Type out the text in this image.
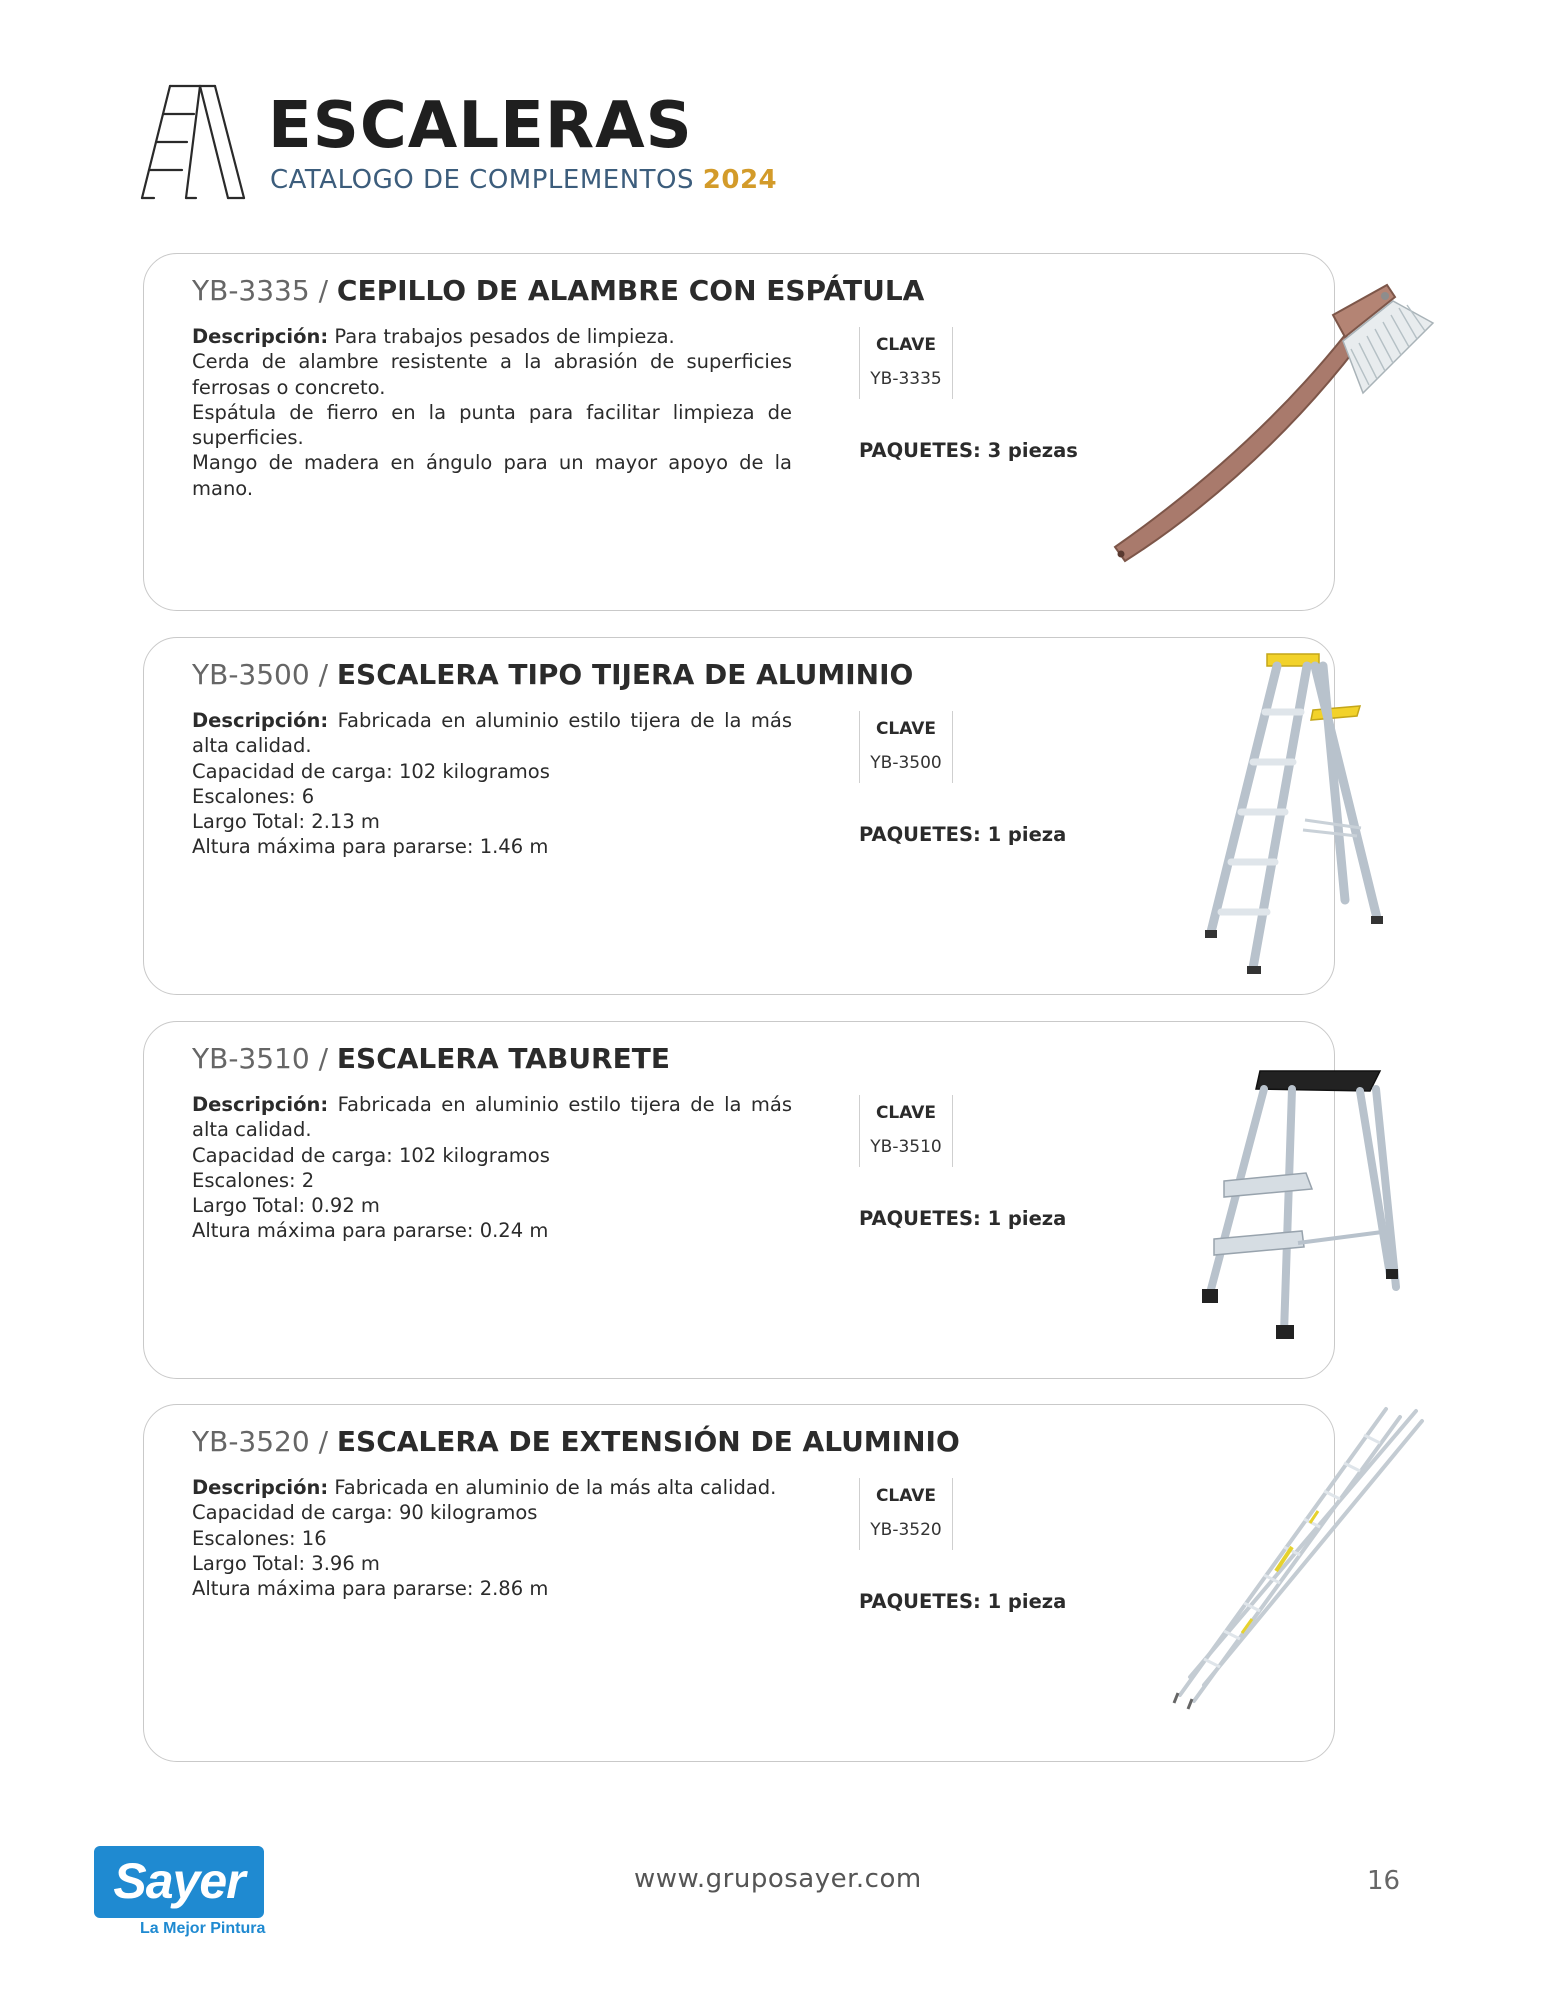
ESCALERAS
CATALOGO DE COMPLEMENTOS 2024
YB-3335 / CEPILLO DE ALAMBRE CON ESPÁTULA

Descripción: Para trabajos pesados de limpieza.

Cerda de alambre resistente a la abrasión de superficies ferrosas o concreto.

Espátula de fierro en la punta para facilitar limpieza de superficies.

Mango de madera en ángulo para un mayor apoyo de la mano.

CLAVE
YB-3335
PAQUETES: 3 piezas
YB-3500 / ESCALERA TIPO TIJERA DE ALUMINIO

Descripción: Fabricada en aluminio estilo tijera de la más alta calidad.

Capacidad de carga: 102 kilogramos

Escalones: 6

Largo Total: 2.13 m

Altura máxima para pararse: 1.46 m

CLAVE
YB-3500
PAQUETES: 1 pieza
YB-3510 / ESCALERA TABURETE

Descripción: Fabricada en aluminio estilo tijera de la más alta calidad.

Capacidad de carga: 102 kilogramos

Escalones: 2

Largo Total: 0.92 m

Altura máxima para pararse: 0.24 m

CLAVE
YB-3510
PAQUETES: 1 pieza
YB-3520 / ESCALERA DE EXTENSIÓN DE ALUMINIO

Descripción: Fabricada en aluminio de la más alta calidad.

Capacidad de carga: 90 kilogramos

Escalones: 16

Largo Total: 3.96 m

Altura máxima para pararse: 2.86 m

CLAVE
YB-3520
PAQUETES: 1 pieza
Sayer
La Mejor Pintura
www.gruposayer.com	16
